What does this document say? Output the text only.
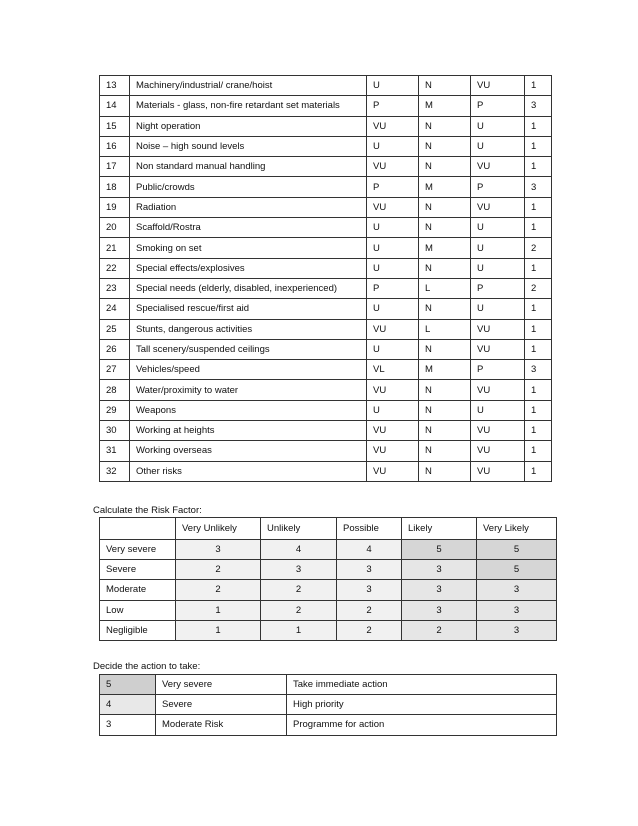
13	Machinery/industrial/ crane/hoist	U	N	VU	1
14	Materials - glass, non-fire retardant set materials	P	M	P	3
15	Night operation	VU	N	U	1
16	Noise – high sound levels	U	N	U	1
17	Non standard manual handling	VU	N	VU	1
18	Public/crowds	P	M	P	3
19	Radiation	VU	N	VU	1
20	Scaffold/Rostra	U	N	U	1
21	Smoking on set	U	M	U	2
22	Special effects/explosives	U	N	U	1
23	Special needs (elderly, disabled, inexperienced)	P	L	P	2
24	Specialised rescue/first aid	U	N	U	1
25	Stunts, dangerous activities	VU	L	VU	1
26	Tall scenery/suspended ceilings	U	N	VU	1
27	Vehicles/speed	VL	M	P	3
28	Water/proximity to water	VU	N	VU	1
29	Weapons	U	N	U	1
30	Working at heights	VU	N	VU	1
31	Working overseas	VU	N	VU	1
32	Other risks	VU	N	VU	1
Calculate the Risk Factor:
	Very Unlikely	Unlikely	Possible	Likely	Very Likely
Very severe	3	4	4	5	5
Severe	2	3	3	3	5
Moderate	2	2	3	3	3
Low	1	2	2	3	3
Negligible	1	1	2	2	3
Decide the action to take:
5	Very severe	Take immediate action
4	Severe	High priority
3	Moderate Risk	Programme for action
